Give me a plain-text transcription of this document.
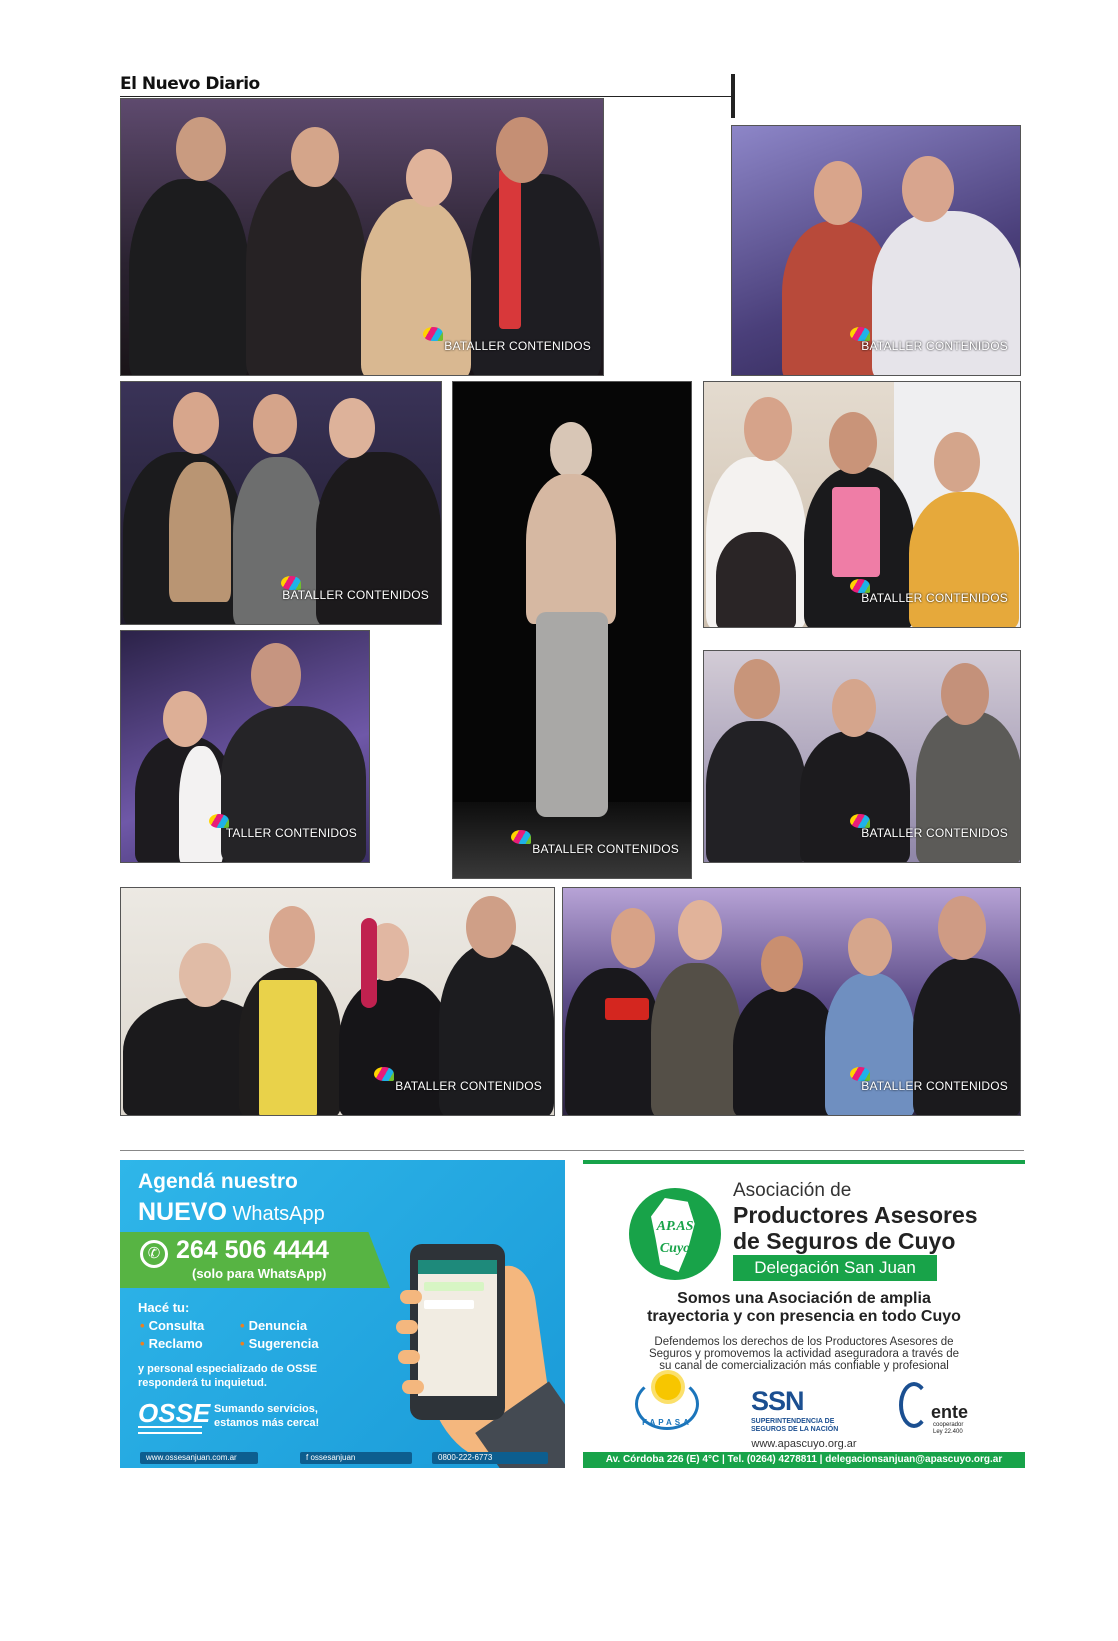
El Nuevo Diario
BATALLER CONTENIDOS	BATALLER CONTENIDOS
BATALLER CONTENIDOS
BATALLER CONTENIDOS
BATALLER CONTENIDOS
TALLER CONTENIDOS	BATALLER CONTENIDOS
BATALLER CONTENIDOS	BATALLER CONTENIDOS
Agendá nuestro
NUEVO WhatsApp
✆ 264 506 4444
(solo para WhatsApp)
Hacé tu:
• Consulta	• Denuncia
• Reclamo	• Sugerencia
y personal especializado de OSSE responderá tu inquietud.
OSSE Sumando servicios, estamos más cerca!
www.ossesanjuan.com.ar	f ossesanjuan	0800-222-6773
AP.AS Cuyo
Asociación de
Productores Asesores
de Seguros de Cuyo
Delegación San Juan
Somos una Asociación de amplia
trayectoria y con presencia en todo Cuyo
Defendemos los derechos de los Productores Asesores de
Seguros y promovemos la actividad aseguradora a través de
su canal de comercialización más confiable y profesional
FAPASA
SSN
SUPERINTENDENCIA DE SEGUROS DE LA NACIÓN
ente
cooperador Ley 22.400
www.apascuyo.org.ar
Av. Córdoba 226 (E) 4°C | Tel. (0264) 4278811 | delegacionsanjuan@apascuyo.org.ar
